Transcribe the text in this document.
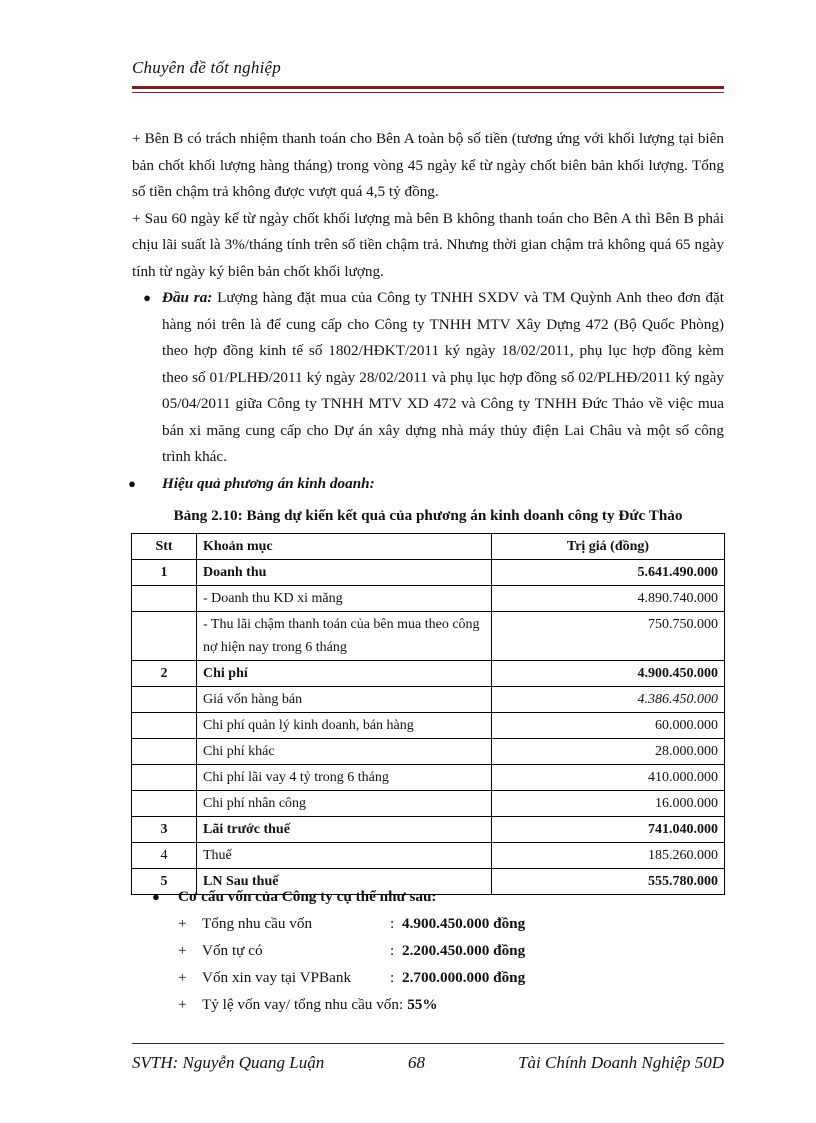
Chuyên đề tốt nghiệp

+ Bên B có trách nhiệm thanh toán cho Bên A toàn bộ số tiền (tương ứng với khối lượng tại biên bản chốt khối lượng hàng tháng) trong vòng 45 ngày kể từ ngày chốt biên bản khối lượng. Tổng số tiền chậm trả không được vượt quá 4,5 tỷ đồng.

+ Sau 60 ngày kể từ ngày chốt khối lượng mà bên B không thanh toán cho Bên A thì Bên B phải chịu lãi suất là 3%/tháng tính trên số tiền chậm trả. Nhưng thời gian chậm trả không quá 65 ngày tính từ ngày ký biên bản chốt khối lượng.

● Đầu ra: Lượng hàng đặt mua của Công ty TNHH SXDV và TM Quỳnh Anh theo đơn đặt hàng nói trên là để cung cấp cho Công ty TNHH MTV Xây Dựng 472 (Bộ Quốc Phòng) theo hợp đồng kinh tế số 1802/HĐKT/2011 ký ngày 18/02/2011, phụ lục hợp đồng kèm theo số 01/PLHĐ/2011 ký ngày 28/02/2011 và phụ lục hợp đồng số 02/PLHĐ/2011 ký ngày 05/04/2011 giữa Công ty TNHH MTV XD 472 và Công ty TNHH Đức Thảo về việc mua bán xi măng cung cấp cho Dự án xây dựng nhà máy thủy điện Lai Châu và một số công trình khác.

●	Hiệu quả phương án kinh doanh:
Bảng 2.10: Bảng dự kiến kết quả của phương án kinh doanh công ty Đức Thảo
Stt	Khoản mục	Trị giá (đồng)
1	Doanh thu	5.641.490.000
	- Doanh thu KD xi măng	4.890.740.000
	- Thu lãi chậm thanh toán của bên mua theo công nợ hiện nay trong 6 tháng	750.750.000
2	Chi phí	4.900.450.000
	Giá vốn hàng bán	4.386.450.000
	Chi phí quản lý kinh doanh, bán hàng	60.000.000
	Chi phí khác	28.000.000
	Chi phí lãi vay 4 tỷ trong 6 tháng	410.000.000
	Chi phí nhân công	16.000.000
3	Lãi trước thuế	741.040.000
4	Thuế	185.260.000
5	LN Sau thuế	555.780.000
●	Cơ cấu vốn của Công ty cụ thể như sau:
+	Tổng nhu cầu vốn	: 4.900.450.000 đồng
+	Vốn tự có	: 2.200.450.000 đồng
+	Vốn xin vay tại VPBank	: 2.700.000.000 đồng
+	Tỷ lệ vốn vay/ tổng nhu cầu vốn: 55%
SVTH: Nguyễn Quang Luận	68	Tài Chính Doanh Nghiệp 50D
